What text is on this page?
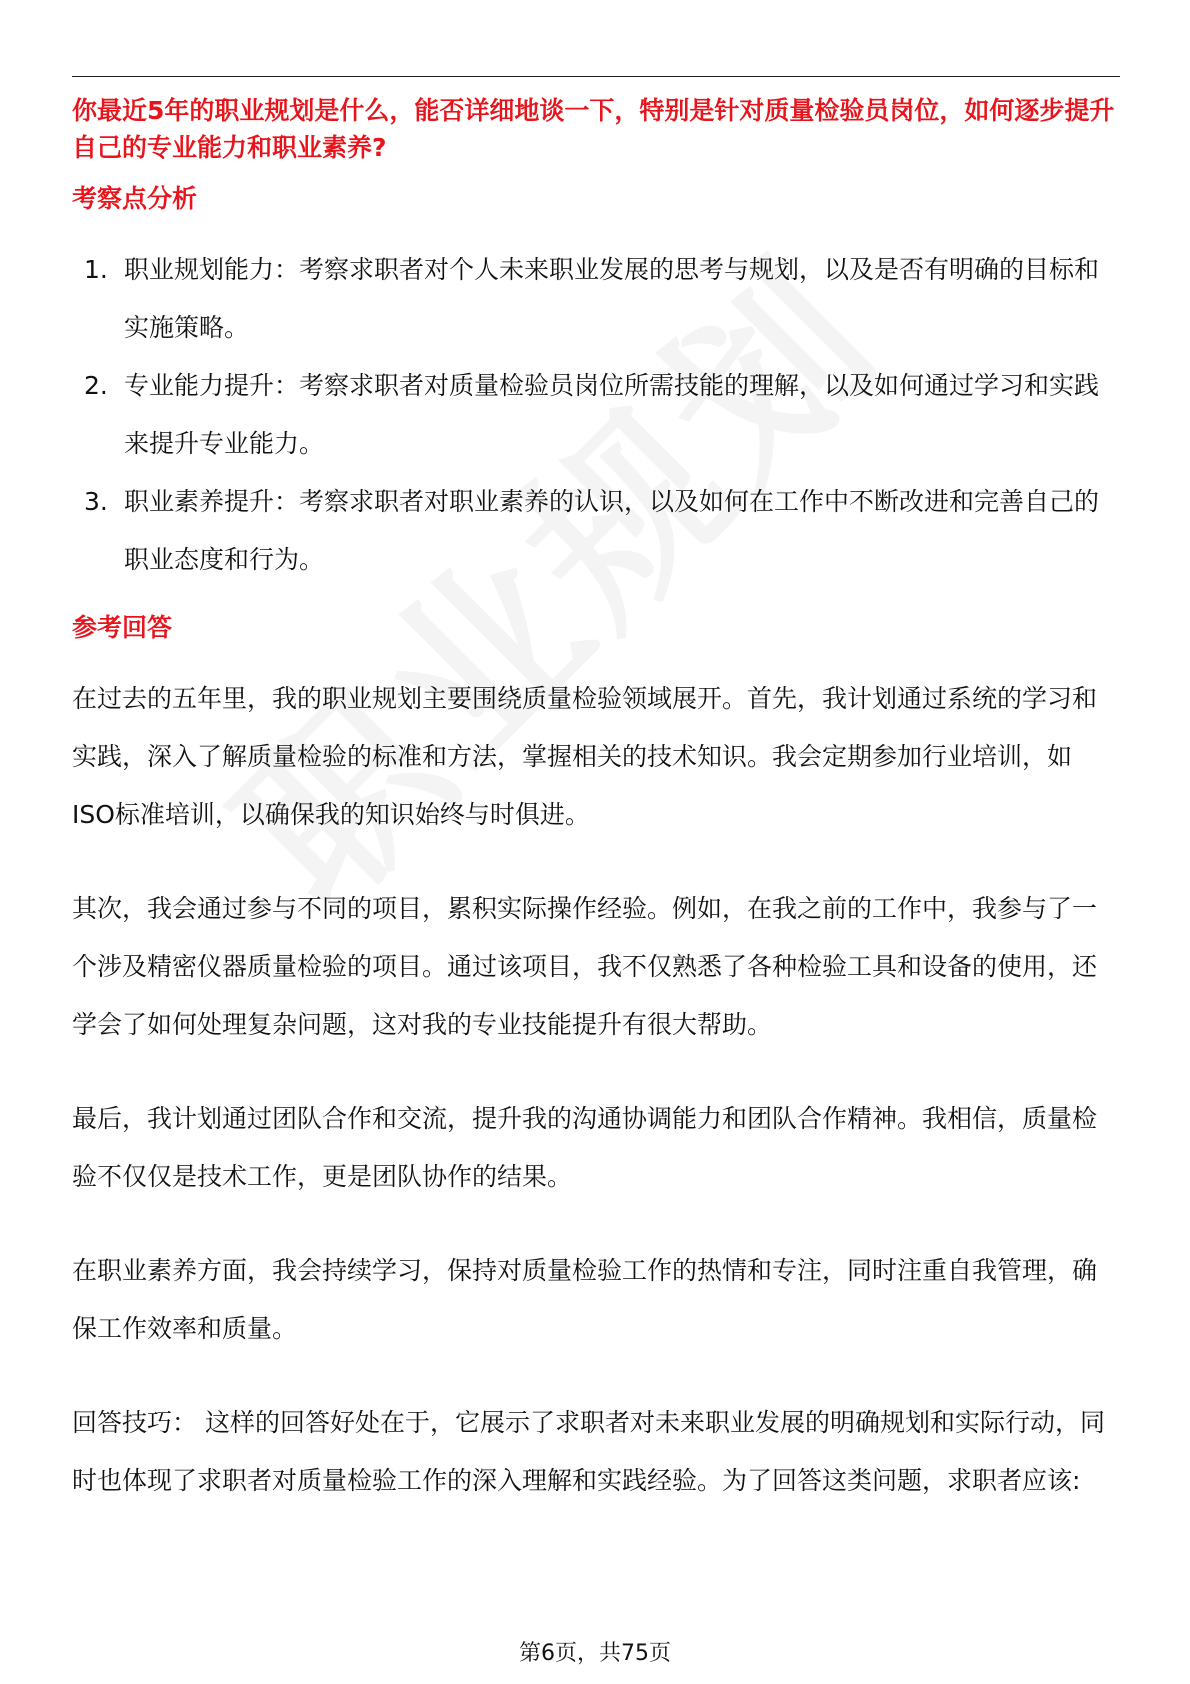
你最近5年的职业规划是什么，能否详细地谈一下，特别是针对质量检验员岗位，如何逐步提升自己的专业能力和职业素养?
考察点分析
1. 职业规划能力：考察求职者对个人未来职业发展的思考与规划，以及是否有明确的目标和实施策略。
2. 专业能力提升：考察求职者对质量检验员岗位所需技能的理解，以及如何通过学习和实践来提升专业能力。
3. 职业素养提升：考察求职者对职业素养的认识，以及如何在工作中不断改进和完善自己的职业态度和行为。
参考回答

在过去的五年里，我的职业规划主要围绕质量检验领域展开。首先，我计划通过系统的学习和实践，深入了解质量检验的标准和方法，掌握相关的技术知识。我会定期参加行业培训，如ISO标准培训，以确保我的知识始终与时俱进。

其次，我会通过参与不同的项目，累积实际操作经验。例如，在我之前的工作中，我参与了一个涉及精密仪器质量检验的项目。通过该项目，我不仅熟悉了各种检验工具和设备的使用，还学会了如何处理复杂问题，这对我的专业技能提升有很大帮助。

最后，我计划通过团队合作和交流，提升我的沟通协调能力和团队合作精神。我相信，质量检验不仅仅是技术工作，更是团队协作的结果。

在职业素养方面，我会持续学习，保持对质量检验工作的热情和专注，同时注重自我管理，确保工作效率和质量。

回答技巧： 这样的回答好处在于，它展示了求职者对未来职业发展的明确规划和实际行动，同时也体现了求职者对质量检验工作的深入理解和实践经验。为了回答这类问题，求职者应该:

第6页，共75页
